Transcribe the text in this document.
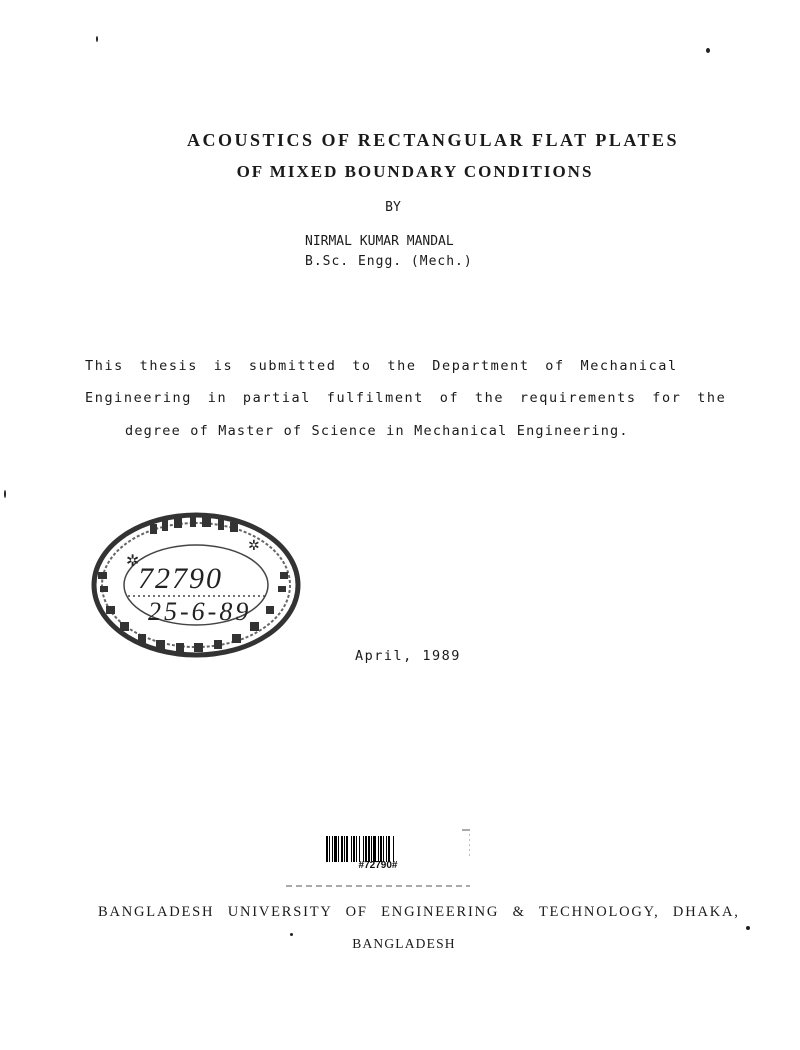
ACOUSTICS OF RECTANGULAR FLAT PLATES
OF MIXED BOUNDARY CONDITIONS
BY
NIRMAL KUMAR MANDAL
B.Sc. Engg. (Mech.)
This thesis is submitted to the Department of Mechanical
Engineering in partial fulfilment of the requirements for the
degree of Master of Science in Mechanical Engineering.
✲
✲
72790
25-6-89
April, 1989
#72790#
BANGLADESH UNIVERSITY OF ENGINEERING & TECHNOLOGY, DHAKA,
BANGLADESH
